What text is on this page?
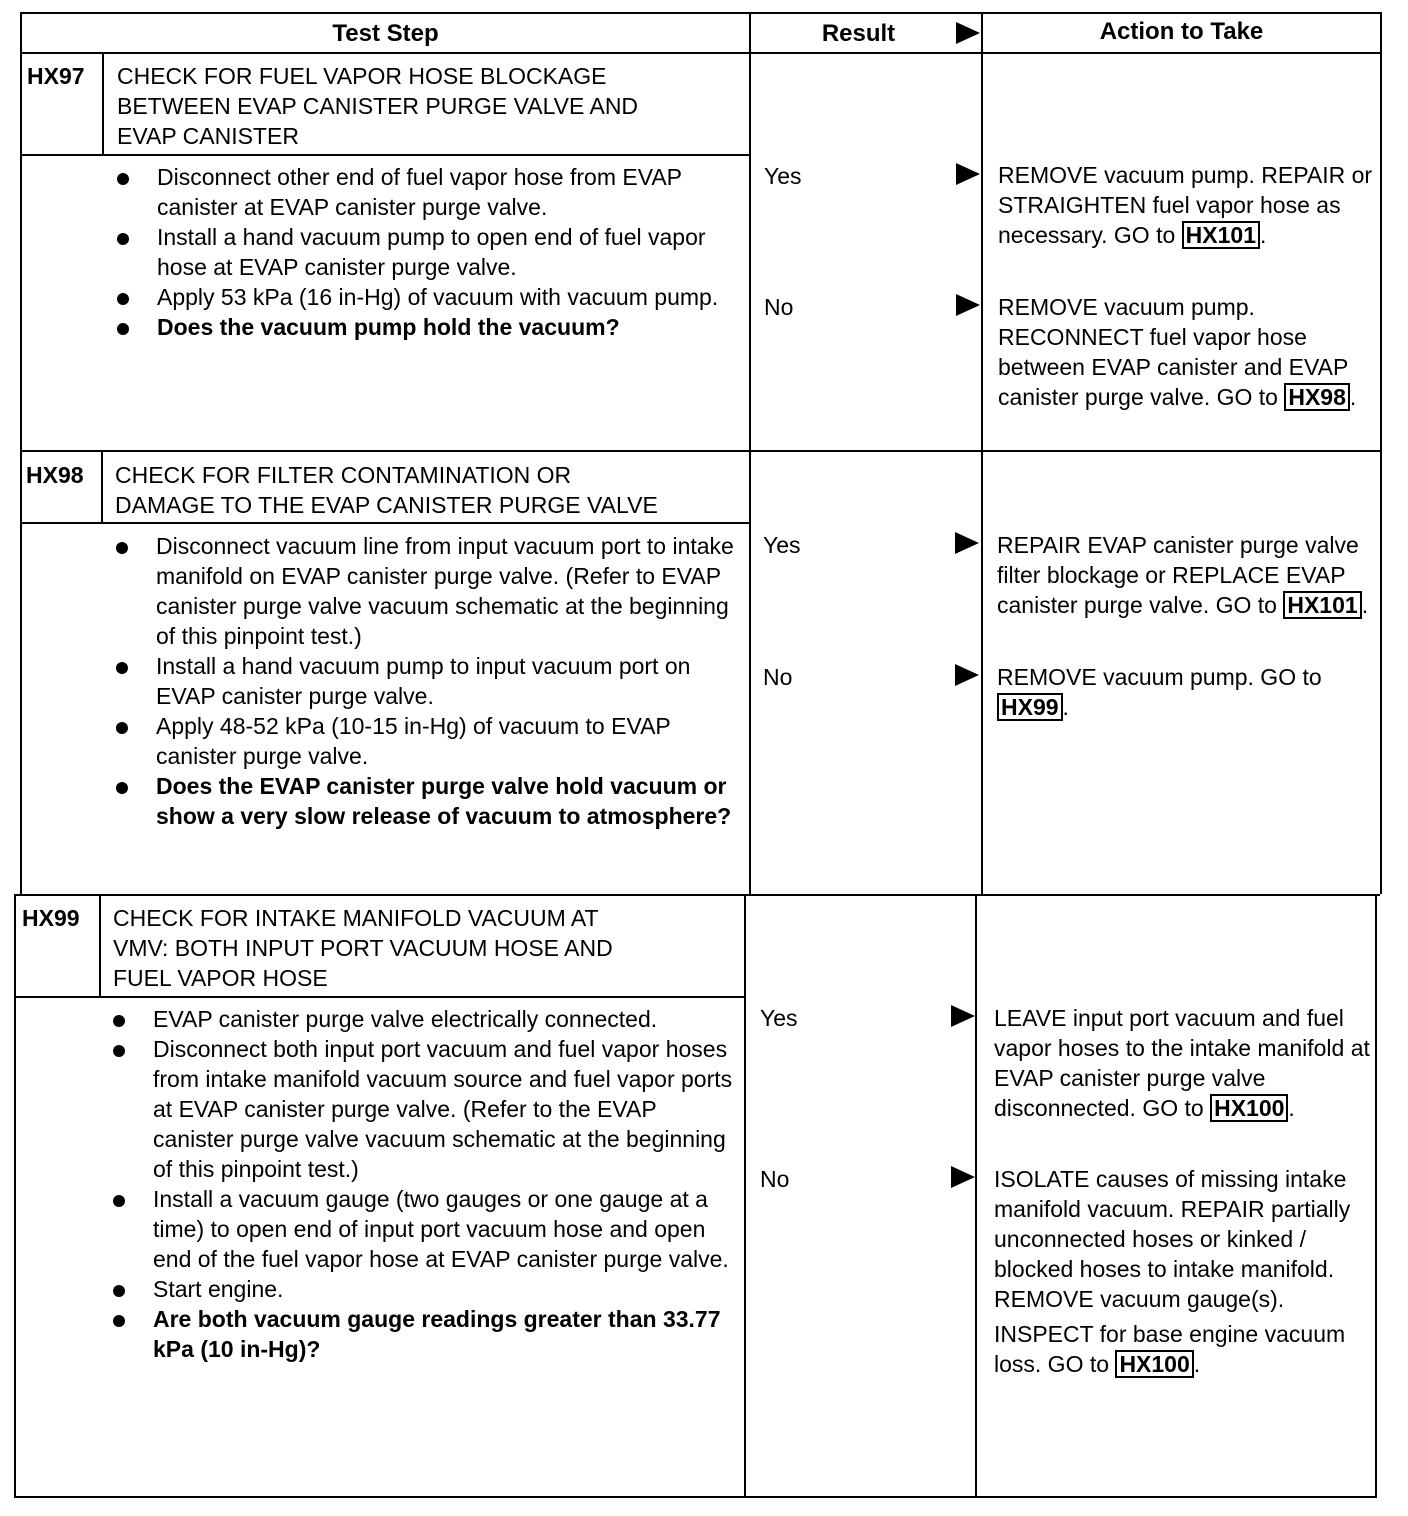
Test Step	Result	Action to Take
HX97 CHECK FOR FUEL VAPOR HOSE BLOCKAGE
BETWEEN EVAP CANISTER PURGE VALVE AND
EVAP CANISTER
Disconnect other end of fuel vapor hose from EVAP canister at EVAP canister purge valve.
Install a hand vacuum pump to open end of fuel vapor hose at EVAP canister purge valve.
Apply 53 kPa (16 in-Hg) of vacuum with vacuum pump.
Does the vacuum pump hold the vacuum?
Yes
No

REMOVE vacuum pump. REPAIR or STRAIGHTEN fuel vapor hose as necessary. GO to HX101 .

REMOVE vacuum pump. RECONNECT fuel vapor hose between EVAP canister and EVAP canister purge valve. GO to HX98 .

HX98 CHECK FOR FILTER CONTAMINATION OR
DAMAGE TO THE EVAP CANISTER PURGE VALVE
Disconnect vacuum line from input vacuum port to intake manifold on EVAP canister purge valve. (Refer to EVAP canister purge valve vacuum schematic at the beginning of this pinpoint test.)
Install a hand vacuum pump to input vacuum port on EVAP canister purge valve.
Apply 48-52 kPa (10-15 in-Hg) of vacuum to EVAP canister purge valve.
Does the EVAP canister purge valve hold vacuum or show a very slow release of vacuum to atmosphere?
Yes
No

REPAIR EVAP canister purge valve filter blockage or REPLACE EVAP canister purge valve. GO to HX101 .

REMOVE vacuum pump. GO to HX99 .

HX99 CHECK FOR INTAKE MANIFOLD VACUUM AT
VMV: BOTH INPUT PORT VACUUM HOSE AND
FUEL VAPOR HOSE
EVAP canister purge valve electrically connected.
Disconnect both input port vacuum and fuel vapor hoses from intake manifold vacuum source and fuel vapor ports at EVAP canister purge valve. (Refer to the EVAP canister purge valve vacuum schematic at the beginning of this pinpoint test.)
Install a vacuum gauge (two gauges or one gauge at a time) to open end of input port vacuum hose and open end of the fuel vapor hose at EVAP canister purge valve.
Start engine.
Are both vacuum gauge readings greater than 33.77 kPa (10 in-Hg)?
Yes
No

LEAVE input port vacuum and fuel vapor hoses to the intake manifold at EVAP canister purge valve disconnected. GO to HX100 .

ISOLATE causes of missing intake manifold vacuum. REPAIR partially unconnected hoses or kinked / blocked hoses to intake manifold. REMOVE vacuum gauge(s).

INSPECT for base engine vacuum loss. GO to HX100 .
